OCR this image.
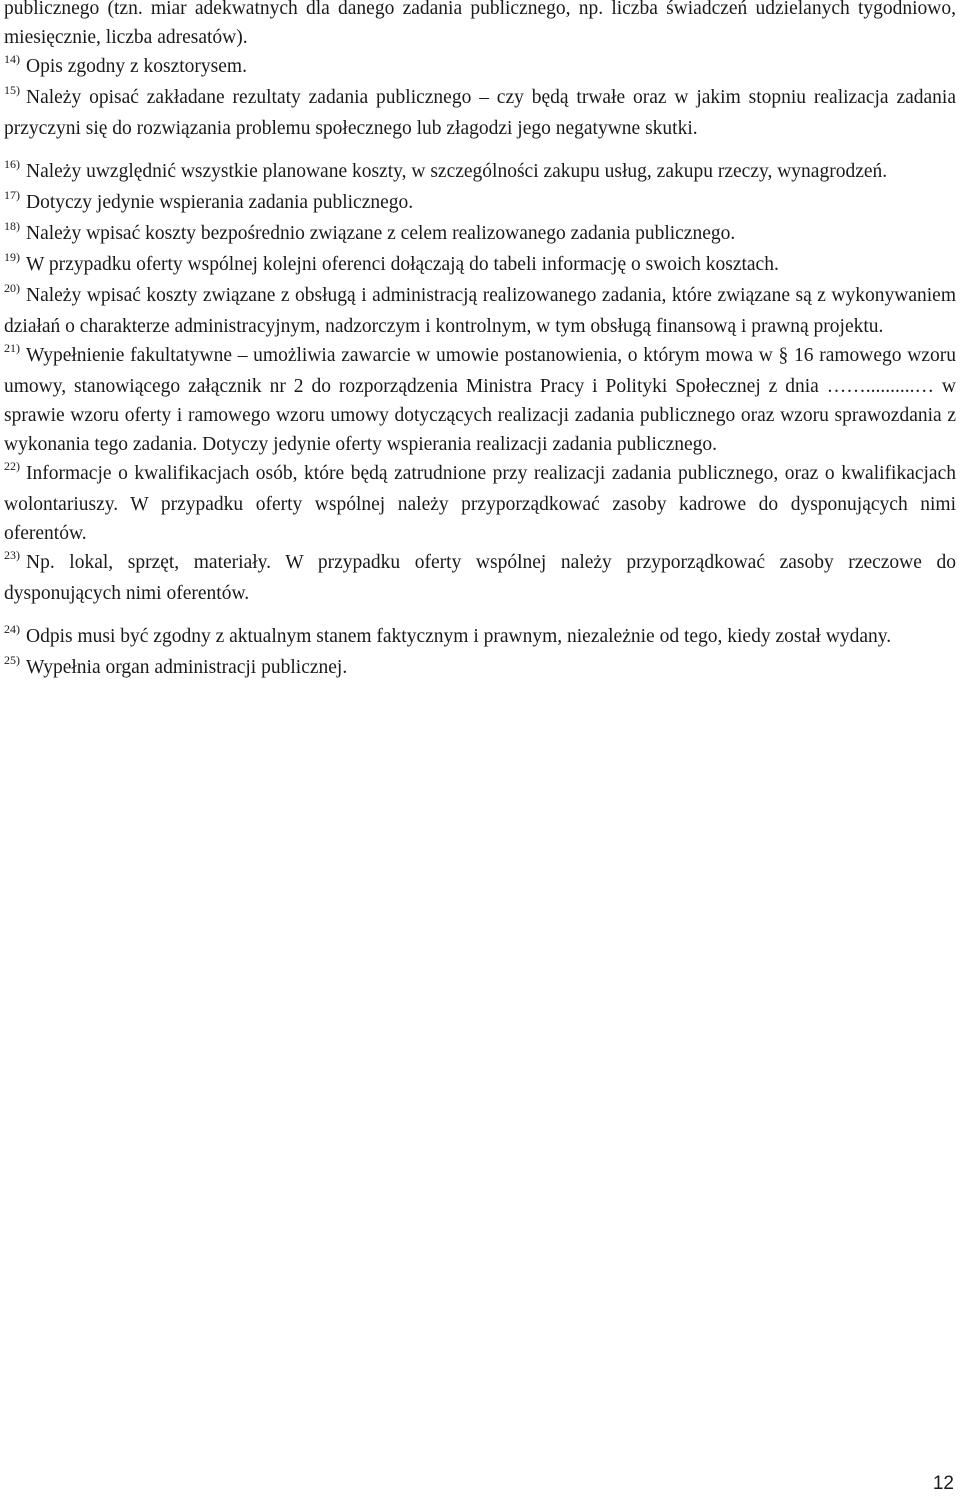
publicznego (tzn. miar adekwatnych dla danego zadania publicznego, np. liczba świadczeń udzielanych tygodniowo, miesięcznie, liczba adresatów).

$^{14)}$ Opis zgodny z kosztorysem.

$^{15)}$ Należy opisać zakładane rezultaty zadania publicznego – czy będą trwałe oraz w jakim stopniu realizacja zadania przyczyni się do rozwiązania problemu społecznego lub złagodzi jego negatywne skutki.

$^{16)}$ Należy uwzględnić wszystkie planowane koszty, w szczególności zakupu usług, zakupu rzeczy, wynagrodzeń.

$^{17)}$ Dotyczy jedynie wspierania zadania publicznego.

$^{18)}$ Należy wpisać koszty bezpośrednio związane z celem realizowanego zadania publicznego.

$^{19)}$ W przypadku oferty wspólnej kolejni oferenci dołączają do tabeli informację o swoich kosztach.

$^{20)}$ Należy wpisać koszty związane z obsługą i administracją realizowanego zadania, które związane są z wykonywaniem działań o charakterze administracyjnym, nadzorczym i kontrolnym, w tym obsługą finansową i prawną projektu.

$^{21)}$ Wypełnienie fakultatywne – umożliwia zawarcie w umowie postanowienia, o którym mowa w § 16 ramowego wzoru umowy, stanowiącego załącznik nr 2 do rozporządzenia Ministra Pracy i Polityki Społecznej z dnia ……..........… w sprawie wzoru oferty i ramowego wzoru umowy dotyczących realizacji zadania publicznego oraz wzoru sprawozdania z wykonania tego zadania. Dotyczy jedynie oferty wspierania realizacji zadania publicznego.

$^{22)}$ Informacje o kwalifikacjach osób, które będą zatrudnione przy realizacji zadania publicznego, oraz o kwalifikacjach wolontariuszy. W przypadku oferty wspólnej należy przyporządkować zasoby kadrowe do dysponujących nimi oferentów.

$^{23)}$ Np. lokal, sprzęt, materiały. W przypadku oferty wspólnej należy przyporządkować zasoby rzeczowe do dysponujących nimi oferentów.

$^{24)}$ Odpis musi być zgodny z aktualnym stanem faktycznym i prawnym, niezależnie od tego, kiedy został wydany.

$^{25)}$ Wypełnia organ administracji publicznej.

12
